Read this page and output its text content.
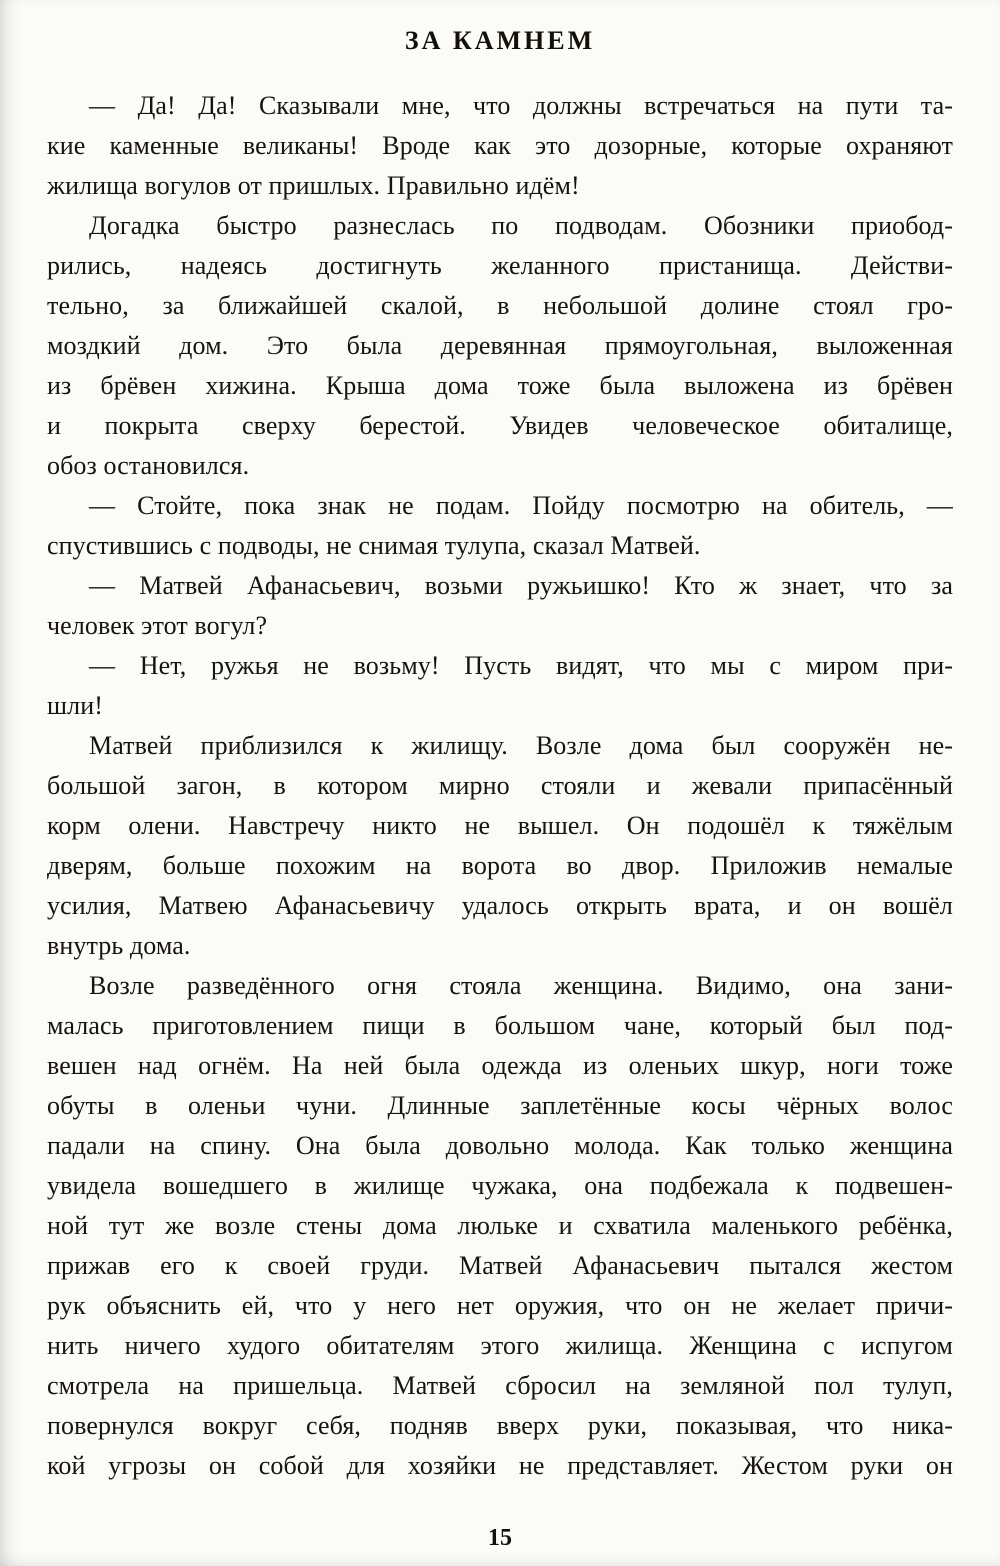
ЗА КАМНЕМ
— Да! Да! Сказывали мне, что должны встречаться на пути та-
кие каменные великаны! Вроде как это дозорные, которые охраняют
жилища вогулов от пришлых. Правильно идём!
Догадка быстро разнеслась по подводам. Обозники приобод-
рились, надеясь достигнуть желанного пристанища. Действи-
тельно, за ближайшей скалой, в небольшой долине стоял гро-
моздкий дом. Это была деревянная прямоугольная, выложенная
из брёвен хижина. Крыша дома тоже была выложена из брёвен
и покрыта сверху берестой. Увидев человеческое обиталище,
обоз остановился.
— Стойте, пока знак не подам. Пойду посмотрю на обитель, —
спустившись с подводы, не снимая тулупа, сказал Матвей.
— Матвей Афанасьевич, возьми ружьишко! Кто ж знает, что за
человек этот вогул?
— Нет, ружья не возьму! Пусть видят, что мы с миром при-
шли!
Матвей приблизился к жилищу. Возле дома был сооружён не-
большой загон, в котором мирно стояли и жевали припасённый
корм олени. Навстречу никто не вышел. Он подошёл к тяжёлым
дверям, больше похожим на ворота во двор. Приложив немалые
усилия, Матвею Афанасьевичу удалось открыть врата, и он вошёл
внутрь дома.
Возле разведённого огня стояла женщина. Видимо, она зани-
малась приготовлением пищи в большом чане, который был под-
вешен над огнём. На ней была одежда из оленьих шкур, ноги тоже
обуты в оленьи чуни. Длинные заплетённые косы чёрных волос
падали на спину. Она была довольно молода. Как только женщина
увидела вошедшего в жилище чужака, она подбежала к подвешен-
ной тут же возле стены дома люльке и схватила маленького ребёнка,
прижав его к своей груди. Матвей Афанасьевич пытался жестом
рук объяснить ей, что у него нет оружия, что он не желает причи-
нить ничего худого обитателям этого жилища. Женщина с испугом
смотрела на пришельца. Матвей сбросил на земляной пол тулуп,
повернулся вокруг себя, подняв вверх руки, показывая, что ника-
кой угрозы он собой для хозяйки не представляет. Жестом руки он
15
